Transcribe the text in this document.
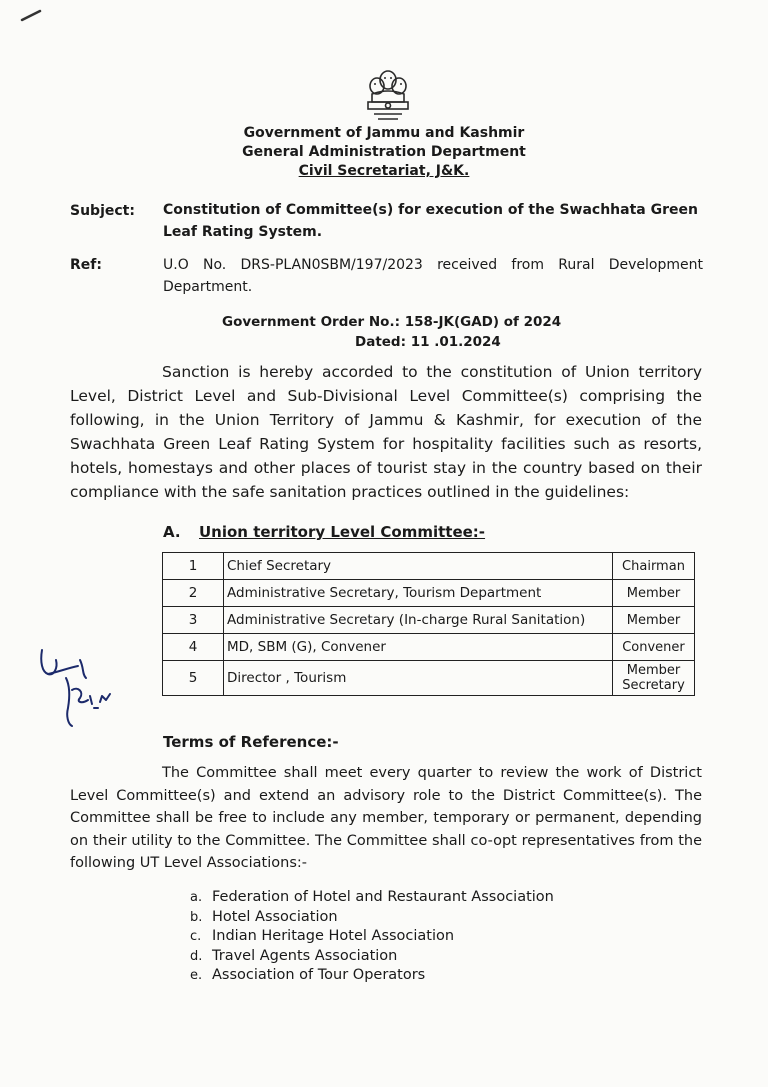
Government of Jammu and Kashmir
General Administration Department
Civil Secretariat, J&K.
Subject: Constitution of Committee(s) for execution of the Swachhata Green Leaf Rating System.
Ref:	U.O No. DRS-PLAN0SBM/197/2023 received from Rural Development Department.
Government Order No.: 158-JK(GAD) of 2024
Dated: 11 .01.2024
Sanction is hereby accorded to the constitution of Union territory Level, District Level and Sub-Divisional Level Committee(s) comprising the following, in the Union Territory of Jammu & Kashmir, for execution of the Swachhata Green Leaf Rating System for hospitality facilities such as resorts, hotels, homestays and other places of tourist stay in the country based on their compliance with the safe sanitation practices outlined in the guidelines:
A. Union territory Level Committee:-
1	Chief Secretary	Chairman
2	Administrative Secretary, Tourism Department	Member
3	Administrative Secretary (In-charge Rural Sanitation)	Member
4	MD, SBM (G), Convener	Convener
5	Director , Tourism	Member Secretary
Terms of Reference:-
The Committee shall meet every quarter to review the work of District Level Committee(s) and extend an advisory role to the District Committee(s). The Committee shall be free to include any member, temporary or permanent, depending on their utility to the Committee. The Committee shall co-opt representatives from the following UT Level Associations:-
a. Federation of Hotel and Restaurant Association
b. Hotel Association
c. Indian Heritage Hotel Association
d. Travel Agents Association
e. Association of Tour Operators
